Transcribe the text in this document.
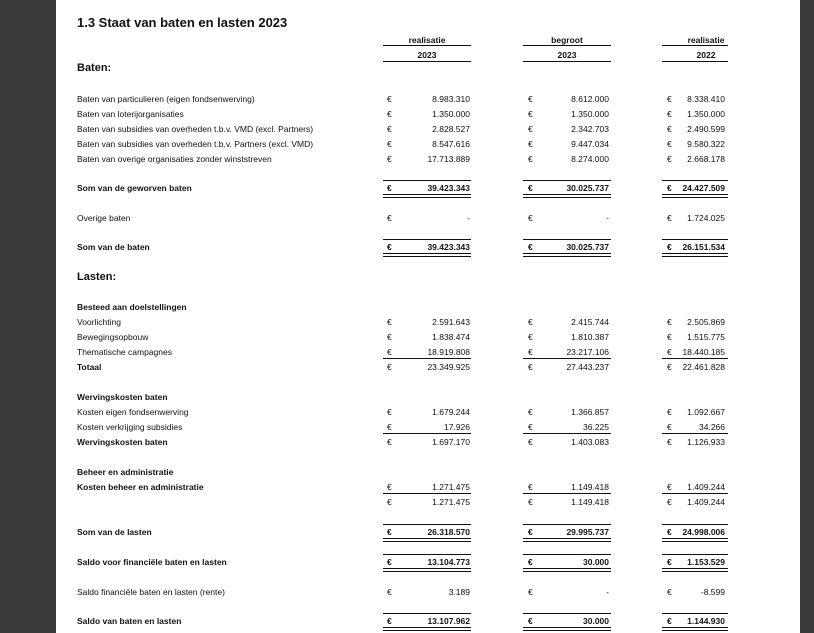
1.3 Staat van baten en lasten 2023
realisatie
2023
begroot
2023
realisatie
2022
Baten:
Lasten:
Baten van particulieren (eigen fondsenwerving)	€	8.983.310	€	8.612.000	€	8.338.410
Baten van loterijorganisaties	€	1.350.000	€	1.350.000	€	1.350.000
Baten van subsidies van overheden t.b.v. VMD (excl. Partners)	€	2.828.527	€	2.342.703	€	2.490.599
Baten van subsidies van overheden t.b.v. Partners (excl. VMD)	€	8.547.616	€	9.447.034	€	9.580.322
Baten van overige organisaties zonder winststreven	€	17.713.889	€	8.274.000	€	2.668.178
Som van de geworven baten	€	39.423.343	€	30.025.737	€	24.427.509
Overige baten	€	-	€	-	€	1.724.025
Som van de baten	€	39.423.343	€	30.025.737	€	26.151.534
Besteed aan doelstellingen
Voorlichting	€	2.591.643	€	2.415.744	€	2.505.869
Bewegingsopbouw	€	1.838.474	€	1.810.387	€	1.515.775
Thematische campagnes	€	18.919.808	€	23.217.106	€	18.440.185
Totaal	€	23.349.925	€	27.443.237	€	22.461.828
Wervingskosten baten
Kosten eigen fondsenwerving	€	1.679.244	€	1.366.857	€	1.092.667
Kosten verkrijging subsidies	€	17.926	€	36.225	€	34.266
Wervingskosten baten	€	1.697.170	€	1.403.083	€	1.126.933
Beheer en administratie
Kosten beheer en administratie	€	1.271.475	€	1.149.418	€	1.409.244
€	1.271.475	€	1.149.418	€	1.409.244
Som van de lasten	€	26.318.570	€	29.995.737	€	24.998.006
Saldo voor financiële baten en lasten	€	13.104.773	€	30.000	€	1.153.529
Saldo financiële baten en lasten (rente)	€	3.189	€	-	€	-8.599
Saldo van baten en lasten	€	13.107.962	€	30.000	€	1.144.930
